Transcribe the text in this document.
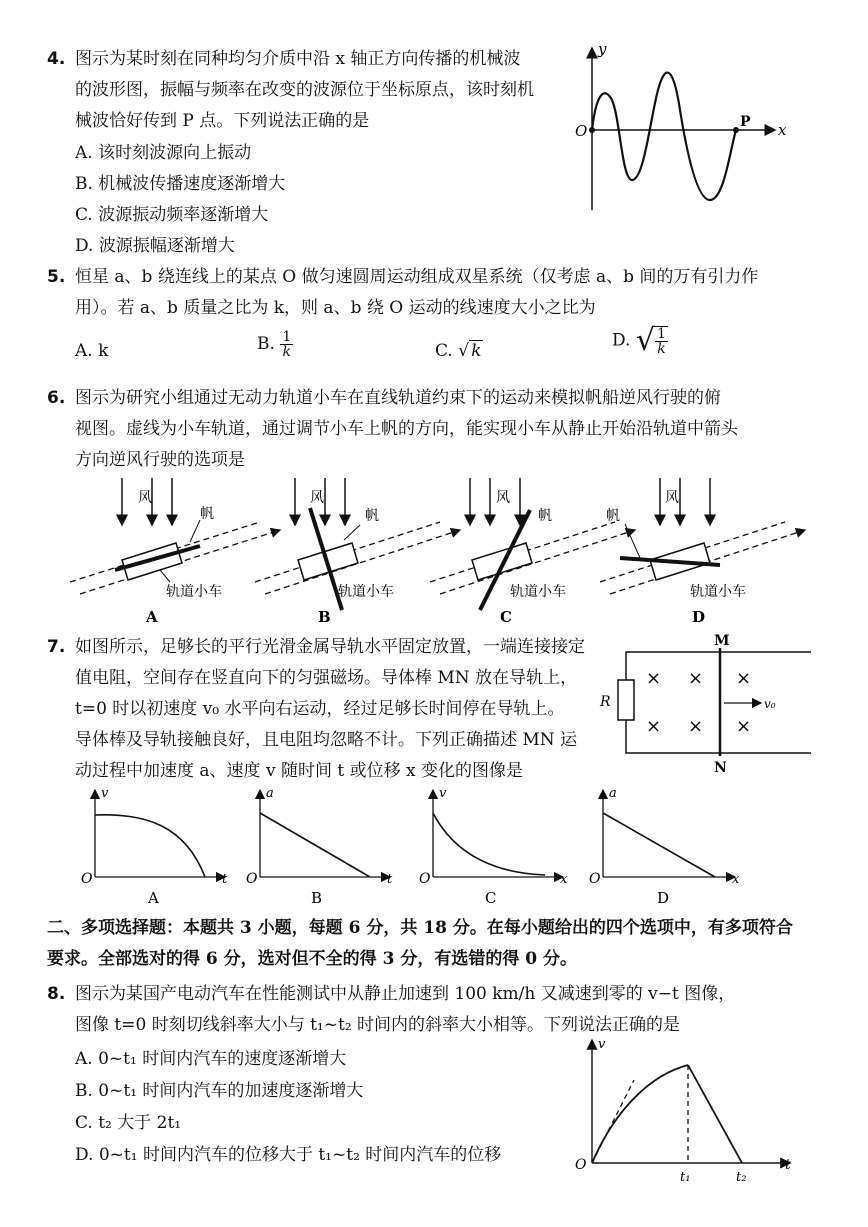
4. 图示为某时刻在同种均匀介质中沿 x 轴正方向传播的机械波
的波形图，振幅与频率在改变的波源位于坐标原点，该时刻机
械波恰好传到 P 点。下列说法正确的是
A. 该时刻波源向上振动
B. 机械波传播速度逐渐增大
C. 波源振动频率逐渐增大
D. 波源振幅逐渐增大
y
x
O	P
5. 恒星 a、b 绕连线上的某点 O 做匀速圆周运动组成双星系统（仅考虑 a、b 间的万有引力作
用）。若 a、b 质量之比为 k，则 a、b 绕 O 运动的线速度大小之比为
A. k	B. $\frac{1}{k}$	C. √ k
D. √ $\frac{1}{k}$
6. 图示为研究小组通过无动力轨道小车在直线轨道约束下的运动来模拟帆船逆风行驶的俯
视图。虚线为小车轨道，通过调节小车上帆的方向，能实现小车从静止开始沿轨道中箭头
方向逆风行驶的选项是
风
帆
轨道小车
A
风
帆
轨道小车
B
风
帆
轨道小车
C
风
帆
轨道小车
D
7. 如图所示，足够长的平行光滑金属导轨水平固定放置，一端连接接定
值电阻，空间存在竖直向下的匀强磁场。导体棒 MN 放在导轨上，
t=0 时以初速度 v₀ 水平向右运动，经过足够长时间停在导轨上。
导体棒及导轨接触良好，且电阻均忽略不计。下列正确描述 MN 运
动过程中加速度 a、速度 v 随时间 t 或位移 x 变化的图像是
M
N
R	v₀
× × ×
× × ×
v
t
O
A
a
t
O
B
v
x
O
C
a
x
O
D
二、多项选择题：本题共 3 小题，每题 6 分，共 18 分。在每小题给出的四个选项中，有多项符合
要求。全部选对的得 6 分，选对但不全的得 3 分，有选错的得 0 分。
8. 图示为某国产电动汽车在性能测试中从静止加速到 100 km/h 又减速到零的 v−t 图像，
图像 t=0 时刻切线斜率大小与 t₁~t₂ 时间内的斜率大小相等。下列说法正确的是
A. 0~t₁ 时间内汽车的速度逐渐增大
B. 0~t₁ 时间内汽车的加速度逐渐增大
C. t₂ 大于 2t₁
D. 0~t₁ 时间内汽车的位移大于 t₁~t₂ 时间内汽车的位移
v
t
O
t₁	t₂
